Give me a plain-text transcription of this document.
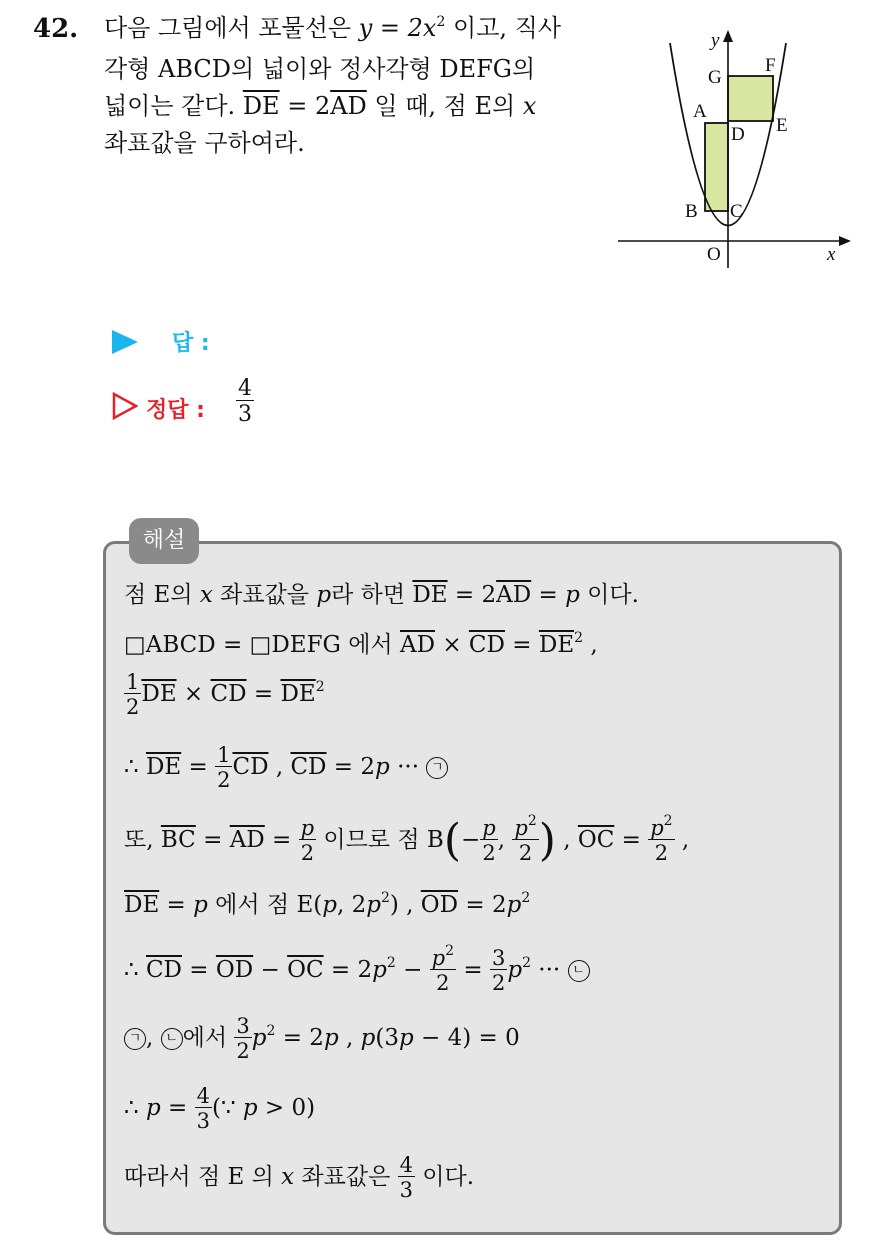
42. 다음 그림에서 포물선은 $y = 2x^2$ 이고, 직사
각형 ABCD의 넓이와 정사각형 DEFG의
넓이는 같다. $\overline{DE} = 2\overline{AD}$ 일 때, 점 E의 x
좌표값을 구하여라.
y
x
O
A
B C
D E
F
G
답 :
정답 : $\frac{4}{3}$
해설
점 E의 x 좌표값을 p라 하면 $\overline{DE} = 2\overline{AD} = p$ 이다.
□ABCD = □DEFG 에서 $\overline{AD} \times \overline{CD} = \overline{DE}^2$ ,
$\frac{1}{2} \overline{DE} \times \overline{CD} = \overline{DE}^2$
∴ $\overline{DE} = \frac{1}{2} \overline{CD}$ , $\overline{CD} = 2p$ ··· ㄱ
또, $\overline{BC} = \overline{AD} = \frac{p}{2}$ 이므로 점 $B(- \frac{p}{2}$ , $\frac{p^2}{2}$ ) , $\overline{OC} = \frac{p^2}{2}$ ,
$\overline{DE} = p$ 에서 점 E(p, $2p^2$) , $\overline{OD} = 2p^2$
∴ $\overline{CD} = \overline{OD} - \overline{OC} = 2p^2 - \frac{p^2}{2} = \frac{3}{2} p^2$ ··· ㄴ
ㄱ , ㄴ 에서 $\frac{3}{2} p^2 = 2p$ , p(3p − 4) = 0
∴ $p = \frac{4}{3}$ (∵ p > 0)
따라서 점 E 의 x 좌표값은 $\frac{4}{3}$ 이다.
